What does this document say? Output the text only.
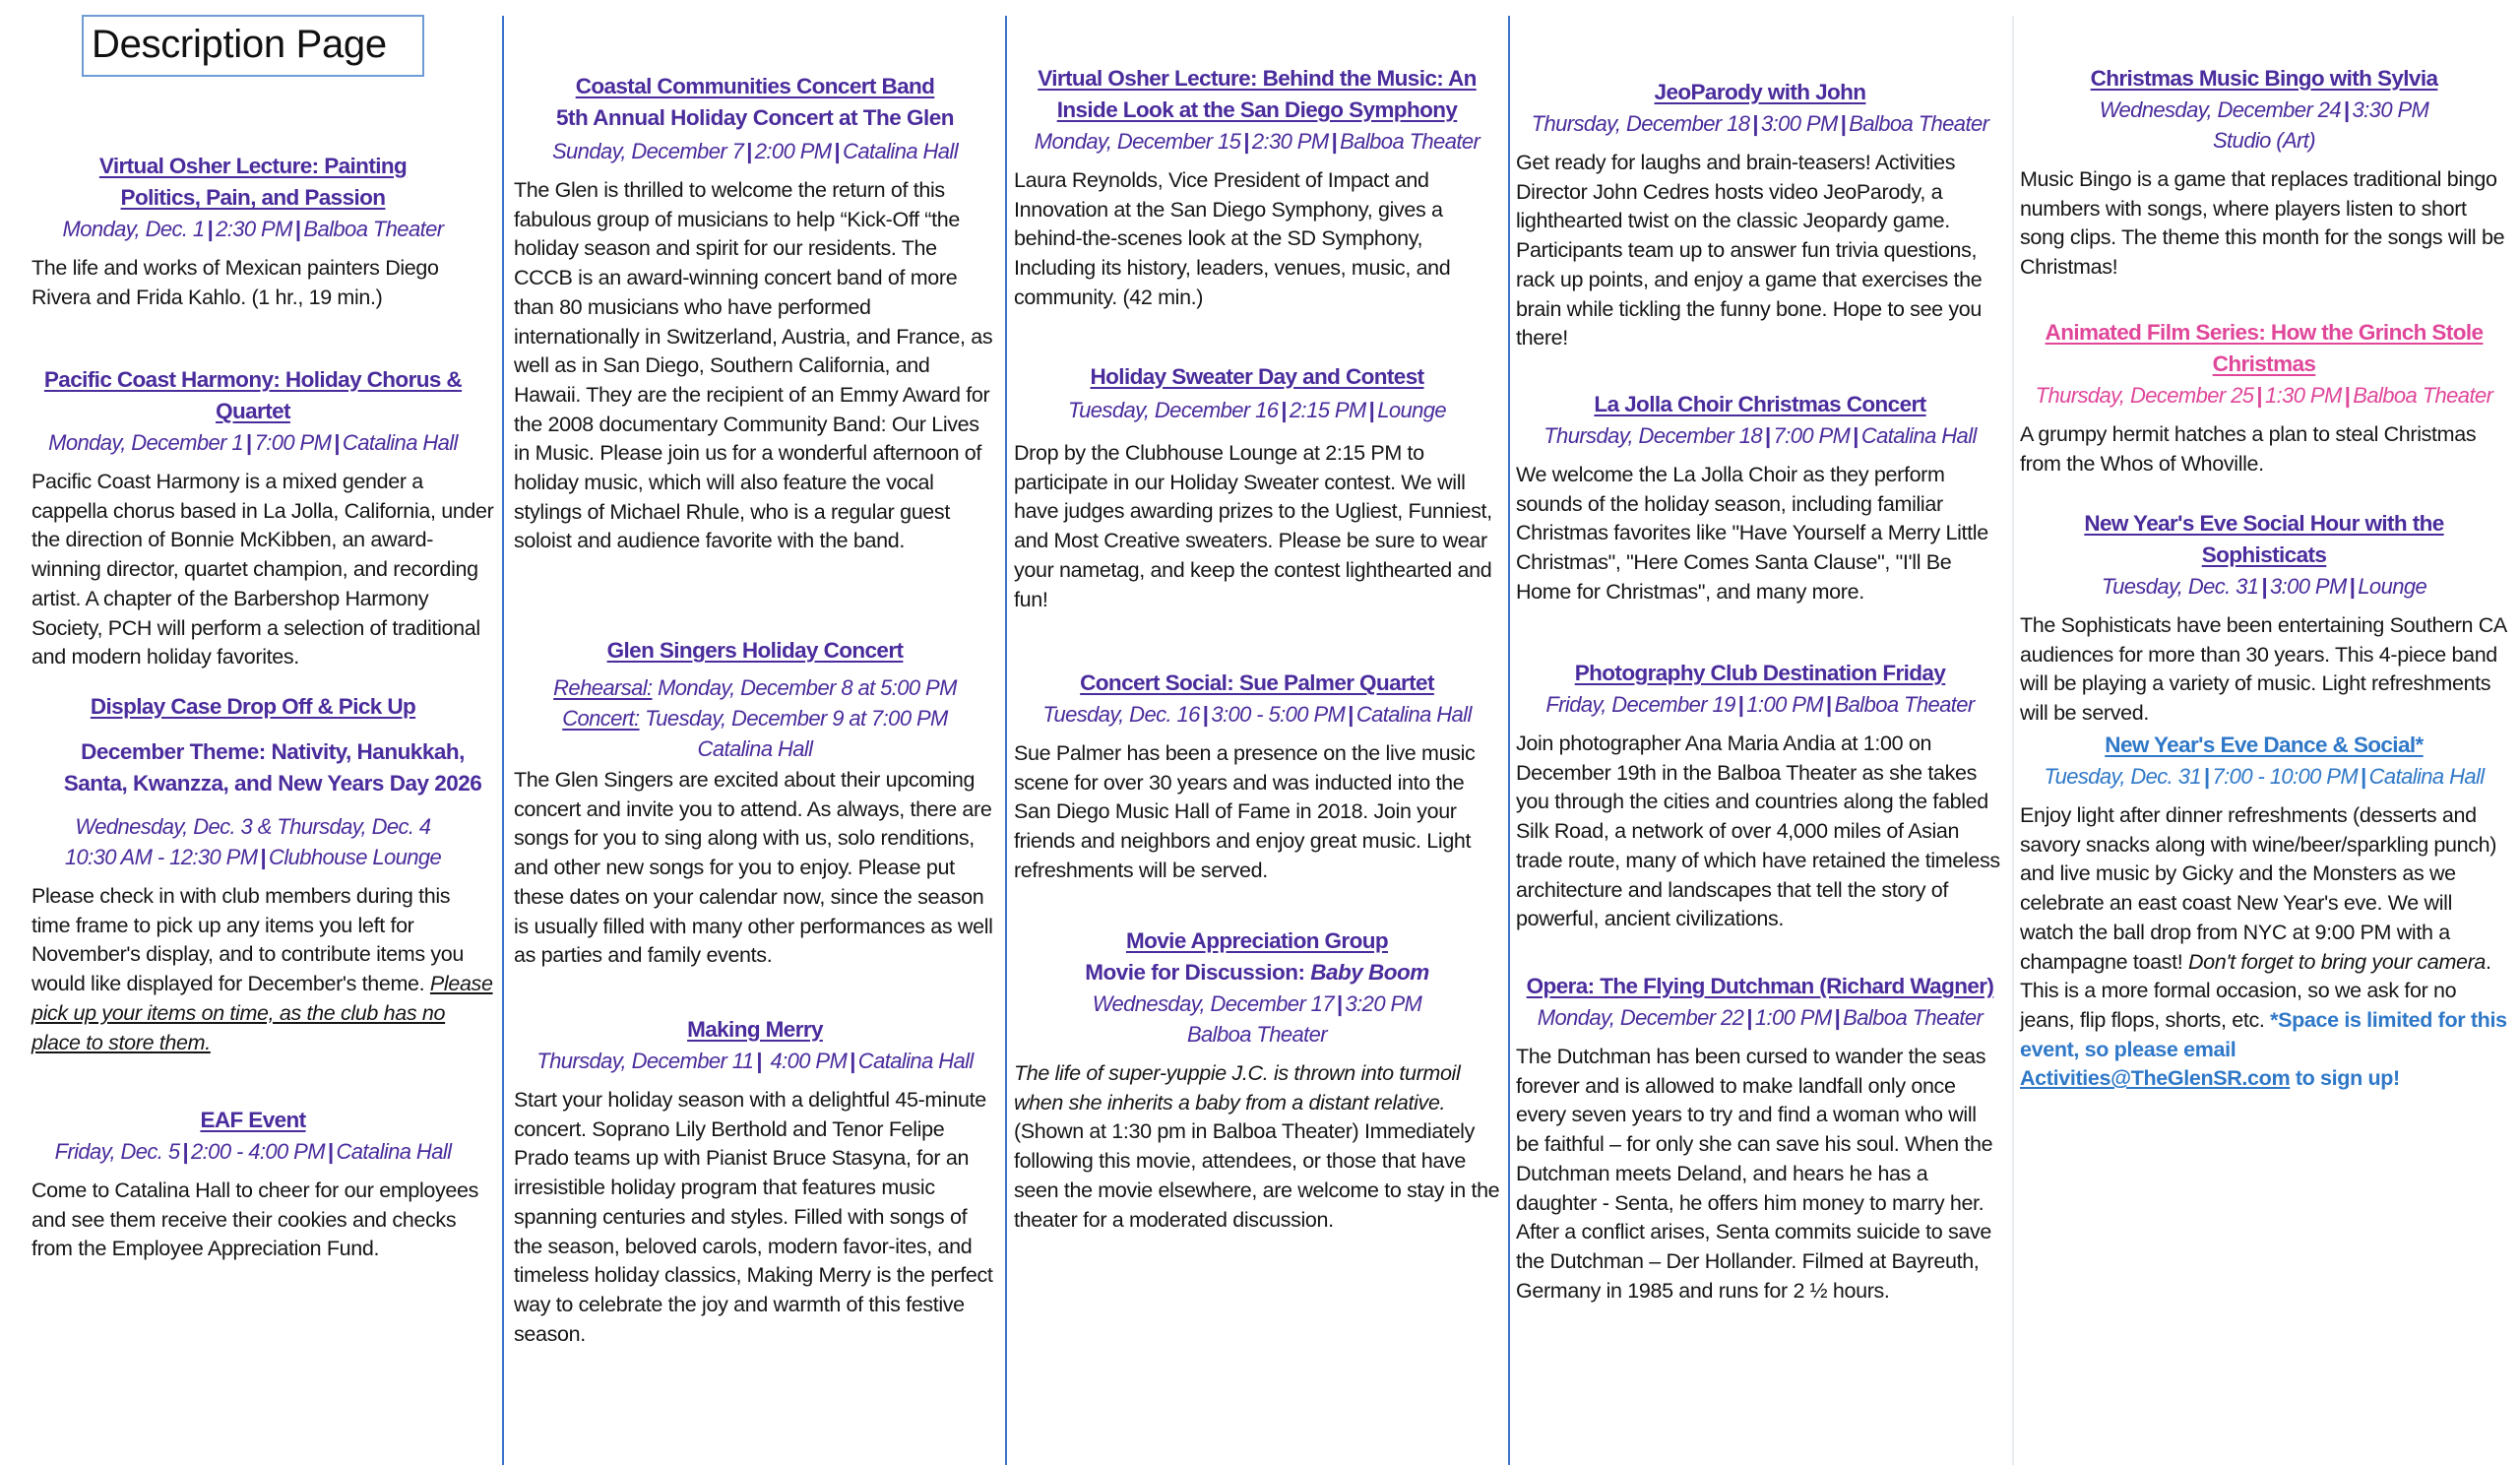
Description Page
Virtual Osher Lecture: Painting Politics, Pain, and Passion

Monday, Dec. 1 | 2:30 PM | Balboa Theater

The life and works of Mexican painters Diego Rivera and Frida Kahlo. (1 hr., 19 min.)

Pacific Coast Harmony: Holiday Chorus & Quartet

Monday, December 1 | 7:00 PM | Catalina Hall

Pacific Coast Harmony is a mixed gender a cappella chorus based in La Jolla, California, under the direction of Bonnie McKibben, an award-winning director, quartet champion, and recording artist. A chapter of the Barbershop Harmony Society, PCH will perform a selection of traditional and modern holiday favorites.

Display Case Drop Off & Pick Up

December Theme: Nativity, Hanukkah, Santa, Kwanzza, and New Years Day 2026

Wednesday, Dec. 3 & Thursday, Dec. 4

10:30 AM - 12:30 PM | Clubhouse Lounge

Please check in with club members during this time frame to pick up any items you left for November's display, and to contribute items you would like displayed for December's theme. Please pick up your items on time, as the club has no place to store them.

EAF Event

Friday, Dec. 5 | 2:00 - 4:00 PM | Catalina Hall

Come to Catalina Hall to cheer for our employees and see them receive their cookies and checks from the Employee Appreciation Fund.

Coastal Communities Concert Band

5th Annual Holiday Concert at The Glen

Sunday, December 7 | 2:00 PM | Catalina Hall

The Glen is thrilled to welcome the return of this fabulous group of musicians to help “Kick-Off “the holiday season and spirit for our residents. The CCCB is an award-winning concert band of more than 80 musicians who have performed internationally in Switzerland, Austria, and France, as well as in San Diego, Southern California, and Hawaii. They are the recipient of an Emmy Award for the 2008 documentary Community Band: Our Lives in Music. Please join us for a wonderful afternoon of holiday music, which will also feature the vocal stylings of Michael Rhule, who is a regular guest soloist and audience favorite with the band.

Glen Singers Holiday Concert

Rehearsal: Monday, December 8 at 5:00 PM

Concert: Tuesday, December 9 at 7:00 PM

Catalina Hall

The Glen Singers are excited about their upcoming concert and invite you to attend. As always, there are songs for you to sing along with us, solo renditions, and other new songs for you to enjoy. Please put these dates on your calendar now, since the season is usually filled with many other performances as well as parties and family events.

Making Merry

Thursday, December 11 | 4:00 PM | Catalina Hall

Start your holiday season with a delightful 45-minute concert. Soprano Lily Berthold and Tenor Felipe Prado teams up with Pianist Bruce Stasyna, for an irresistible holiday program that features music spanning centuries and styles. Filled with songs of the season, beloved carols, modern favor-ites, and timeless holiday classics, Making Merry is the perfect way to celebrate the joy and warmth of this festive season.

Virtual Osher Lecture: Behind the Music: An Inside Look at the San Diego Symphony

Monday, December 15 | 2:30 PM | Balboa Theater

Laura Reynolds, Vice President of Impact and Innovation at the San Diego Symphony, gives a behind-the-scenes look at the SD Symphony, Including its history, leaders, venues, music, and community. (42 min.)

Holiday Sweater Day and Contest

Tuesday, December 16 | 2:15 PM | Lounge

Drop by the Clubhouse Lounge at 2:15 PM to participate in our Holiday Sweater contest. We will have judges awarding prizes to the Ugliest, Funniest, and Most Creative sweaters. Please be sure to wear your nametag, and keep the contest lighthearted and fun!

Concert Social: Sue Palmer Quartet

Tuesday, Dec. 16 | 3:00 - 5:00 PM | Catalina Hall

Sue Palmer has been a presence on the live music scene for over 30 years and was inducted into the San Diego Music Hall of Fame in 2018. Join your friends and neighbors and enjoy great music. Light refreshments will be served.

Movie Appreciation Group

Movie for Discussion: Baby Boom

Wednesday, December 17 | 3:20 PM

Balboa Theater

The life of super-yuppie J.C. is thrown into turmoil when she inherits a baby from a distant relative. (Shown at 1:30 pm in Balboa Theater) Immediately following this movie, attendees, or those that have seen the movie elsewhere, are welcome to stay in the theater for a moderated discussion.

JeoParody with John

Thursday, December 18 | 3:00 PM | Balboa Theater

Get ready for laughs and brain-teasers! Activities Director John Cedres hosts video JeoParody, a lighthearted twist on the classic Jeopardy game. Participants team up to answer fun trivia questions, rack up points, and enjoy a game that exercises the brain while tickling the funny bone. Hope to see you there!

La Jolla Choir Christmas Concert

Thursday, December 18 | 7:00 PM | Catalina Hall

We welcome the La Jolla Choir as they perform sounds of the holiday season, including familiar Christmas favorites like "Have Yourself a Merry Little Christmas", "Here Comes Santa Clause", "I'll Be Home for Christmas", and many more.

Photography Club Destination Friday

Friday, December 19 | 1:00 PM | Balboa Theater

Join photographer Ana Maria Andia at 1:00 on December 19th in the Balboa Theater as she takes you through the cities and countries along the fabled Silk Road, a network of over 4,000 miles of Asian trade route, many of which have retained the timeless architecture and landscapes that tell the story of powerful, ancient civilizations.

Opera: The Flying Dutchman (Richard Wagner)

Monday, December 22 | 1:00 PM | Balboa Theater

The Dutchman has been cursed to wander the seas forever and is allowed to make landfall only once every seven years to try and find a woman who will be faithful – for only she can save his soul. When the Dutchman meets Deland, and hears he has a daughter - Senta, he offers him money to marry her. After a conflict arises, Senta commits suicide to save the Dutchman – Der Hollander. Filmed at Bayreuth, Germany in 1985 and runs for 2 ½ hours.

Christmas Music Bingo with Sylvia

Wednesday, December 24 | 3:30 PM

Studio (Art)

Music Bingo is a game that replaces traditional bingo numbers with songs, where players listen to short song clips. The theme this month for the songs will be Christmas!

Animated Film Series: How the Grinch Stole Christmas

Thursday, December 25 | 1:30 PM | Balboa Theater

A grumpy hermit hatches a plan to steal Christmas from the Whos of Whoville.

New Year's Eve Social Hour with the Sophisticats

Tuesday, Dec. 31 | 3:00 PM | Lounge

The Sophisticats have been entertaining Southern CA audiences for more than 30 years. This 4-piece band will be playing a variety of music. Light refreshments will be served.

New Year's Eve Dance & Social*

Tuesday, Dec. 31 | 7:00 - 10:00 PM | Catalina Hall

Enjoy light after dinner refreshments (desserts and savory snacks along with wine/beer/sparkling punch) and live music by Gicky and the Monsters as we celebrate an east coast New Year's eve. We will watch the ball drop from NYC at 9:00 PM with a champagne toast! Don't forget to bring your camera. This is a more formal occasion, so we ask for no jeans, flip flops, shorts, etc. *Space is limited for this event, so please email Activities@TheGlenSR.com to sign up!
